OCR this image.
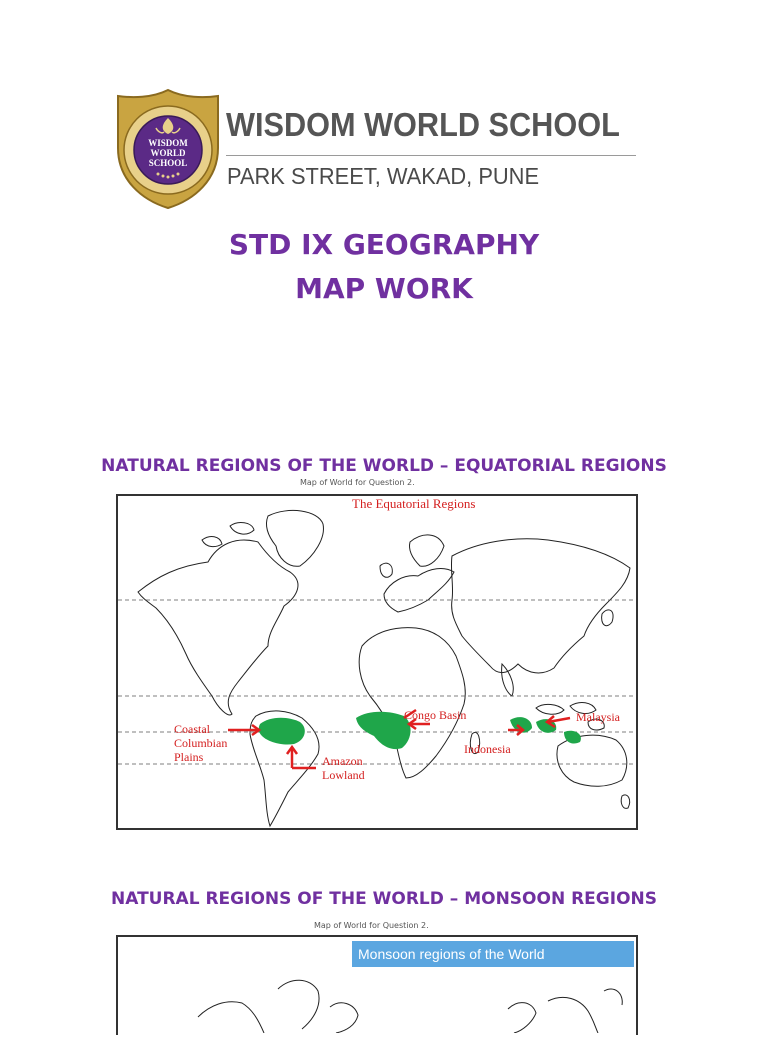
WISDOM
WORLD
SCHOOL
WISDOM WORLD SCHOOL
PARK STREET, WAKAD, PUNE
STD IX GEOGRAPHY
MAP WORK
NATURAL REGIONS OF THE WORLD – EQUATORIAL REGIONS
Map of World for Question 2.
The Equatorial Regions
Coastal
Columbian
Plains	Amazon
Lowland
Congo Basin
Indonesia
Malaysia
NATURAL REGIONS OF THE WORLD – MONSOON REGIONS
Map of World for Question 2.
Monsoon regions of the World
